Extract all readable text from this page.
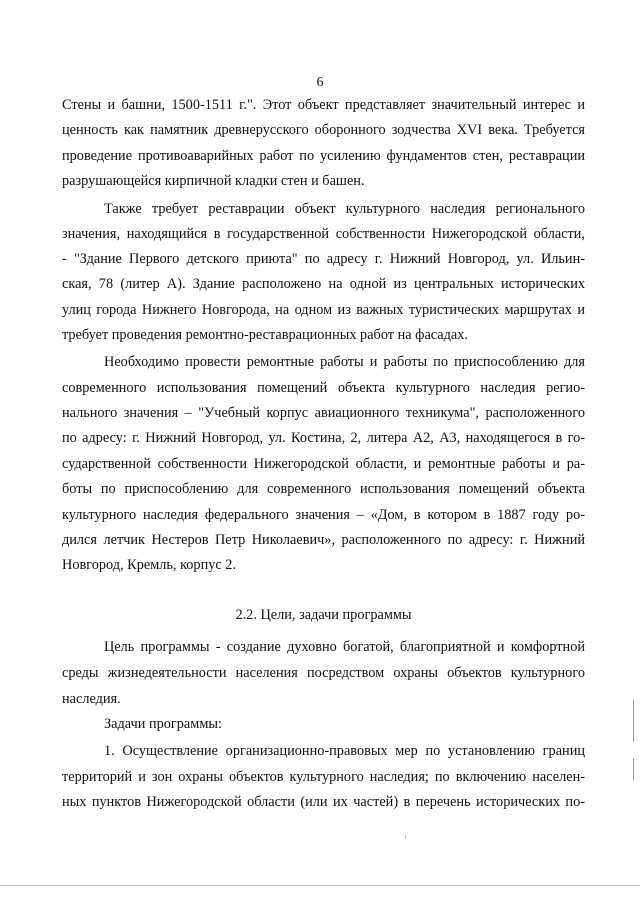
6
Стены и башни, 1500-1511 г.". Этот объект представляет значительный интерес и
ценность как памятник древнерусского оборонного зодчества XVI века. Требуется
проведение противоаварийных работ по усилению фундаментов стен, реставрации
разрушающейся кирпичной кладки стен и башен.
Также требует реставрации объект культурного наследия регионального
значения, находящийся в государственной собственности Нижегородской области,
- "Здание Первого детского приюта" по адресу г. Нижний Новгород, ул. Ильин-
ская, 78 (литер А). Здание расположено на одной из центральных исторических
улиц города Нижнего Новгорода, на одном из важных туристических маршрутах и
требует проведения ремонтно-реставрационных работ на фасадах.
Необходимо провести ремонтные работы и работы по приспособлению для
современного использования помещений объекта культурного наследия регио-
нального значения – "Учебный корпус авиационного техникума", расположенного
по адресу: г. Нижний Новгород, ул. Костина, 2, литера А2, А3, находящегося в го-
сударственной собственности Нижегородской области, и ремонтные работы и ра-
боты по приспособлению для современного использования помещений объекта
культурного наследия федерального значения – «Дом, в котором в 1887 году ро-
дился летчик Нестеров Петр Николаевич», расположенного по адресу: г. Нижний
Новгород, Кремль, корпус 2.
2.2. Цели, задачи программы
Цель программы - создание духовно богатой, благоприятной и комфортной
среды жизнедеятельности населения посредством охраны объектов культурного
наследия.
Задачи программы:
1. Осуществление организационно-правовых мер по установлению границ
территорий и зон охраны объектов культурного наследия; по включению населен-
ных пунктов Нижегородской области (или их частей) в перечень исторических по-
